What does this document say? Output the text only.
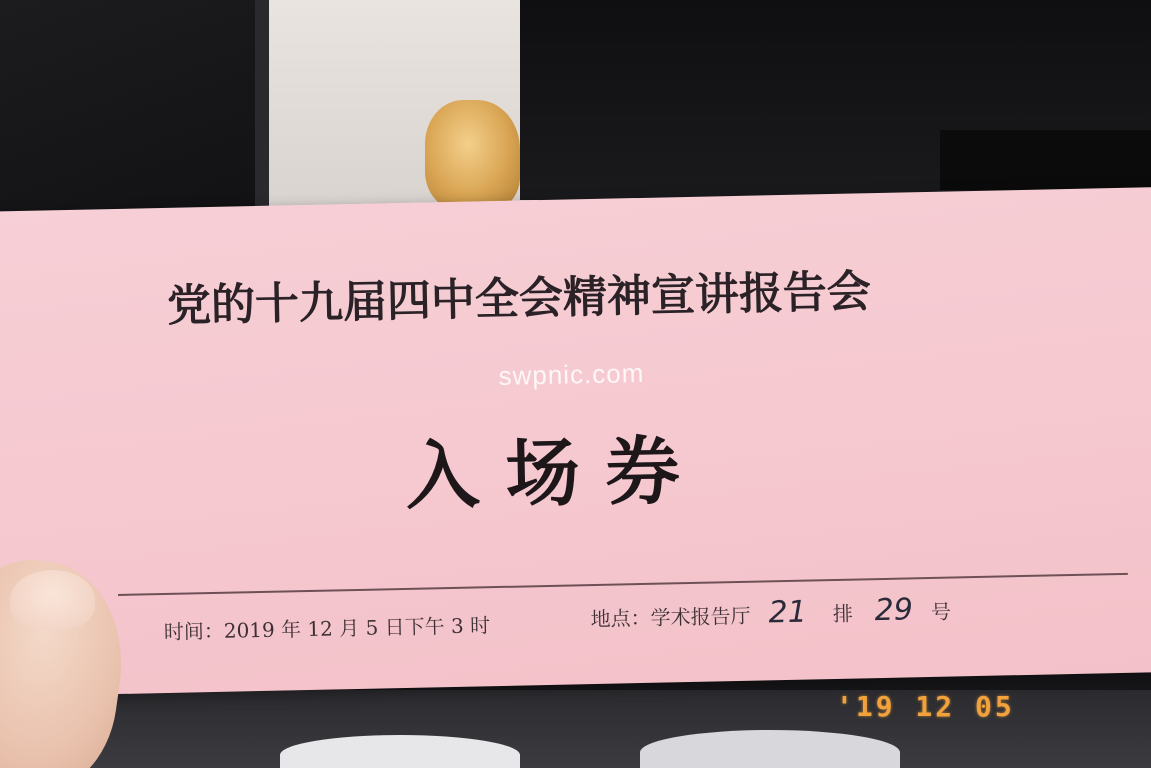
党的十九届四中全会精神宣讲报告会
swpnic.com
入场券
时间：2019 年 12 月 5 日下午 3 时	地点：学术报告厅 21 排 29 号
'19 12 05
